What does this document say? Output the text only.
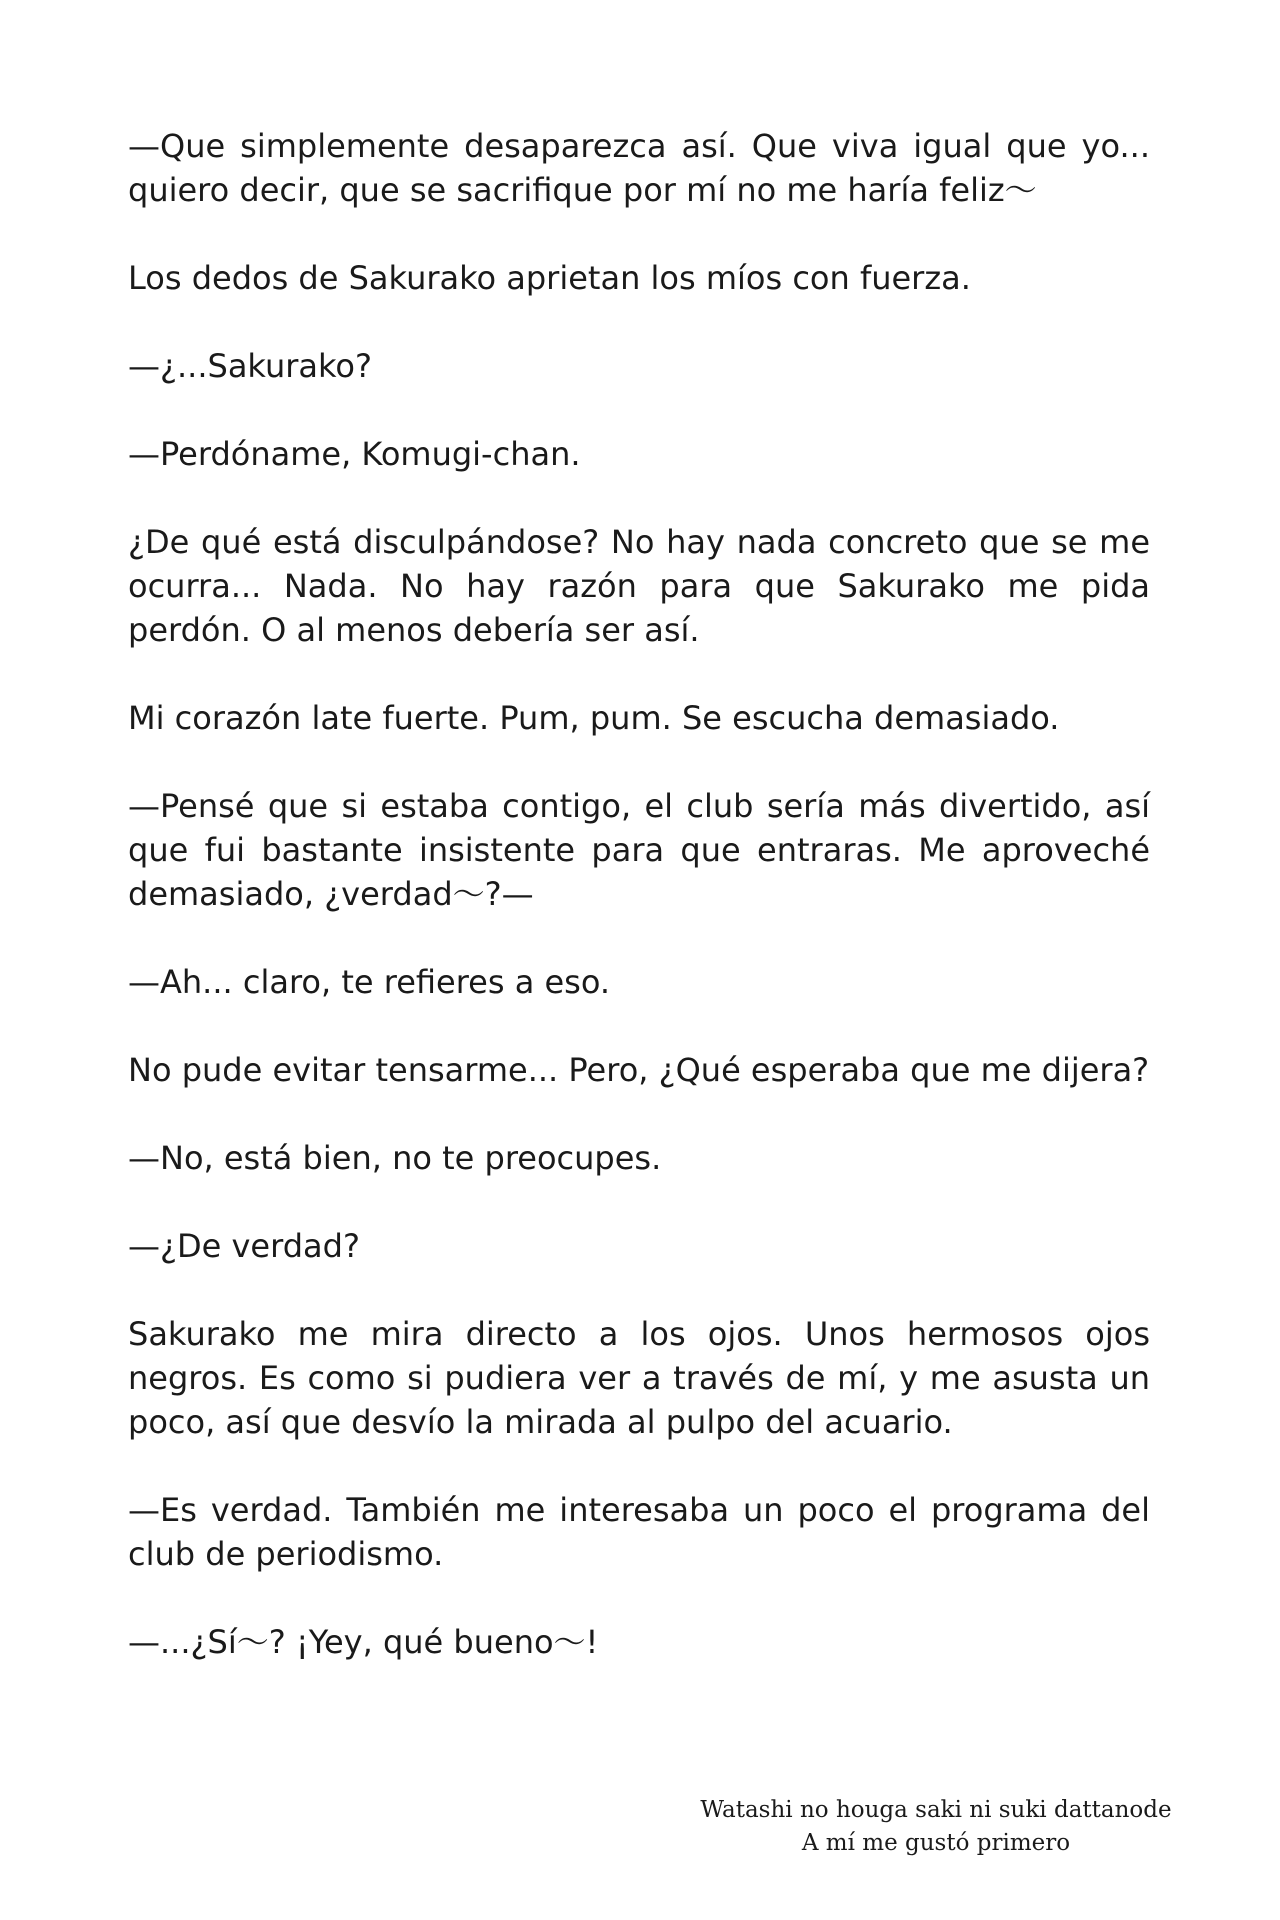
—Que simplemente desaparezca así. Que viva igual que yo... quiero decir, que se sacrifique por mí no me haría feliz〜

Los dedos de Sakurako aprietan los míos con fuerza.

—¿...Sakurako?

—Perdóname, Komugi-chan.

¿De qué está disculpándose? No hay nada concreto que se me ocurra... Nada. No hay razón para que Sakurako me pida perdón. O al menos debería ser así.

Mi corazón late fuerte. Pum, pum. Se escucha demasiado.

—Pensé que si estaba contigo, el club sería más divertido, así que fui bastante insistente para que entraras. Me aproveché demasiado, ¿verdad〜?—

—Ah... claro, te refieres a eso.

No pude evitar tensarme... Pero, ¿Qué esperaba que me dijera?

—No, está bien, no te preocupes.

—¿De verdad?

Sakurako me mira directo a los ojos. Unos hermosos ojos negros. Es como si pudiera ver a través de mí, y me asusta un poco, así que desvío la mirada al pulpo del acuario.

—Es verdad. También me interesaba un poco el programa del club de periodismo.

—...¿Sí〜? ¡Yey, qué bueno〜!

Watashi no houga saki ni suki dattanode
A mí me gustó primero
